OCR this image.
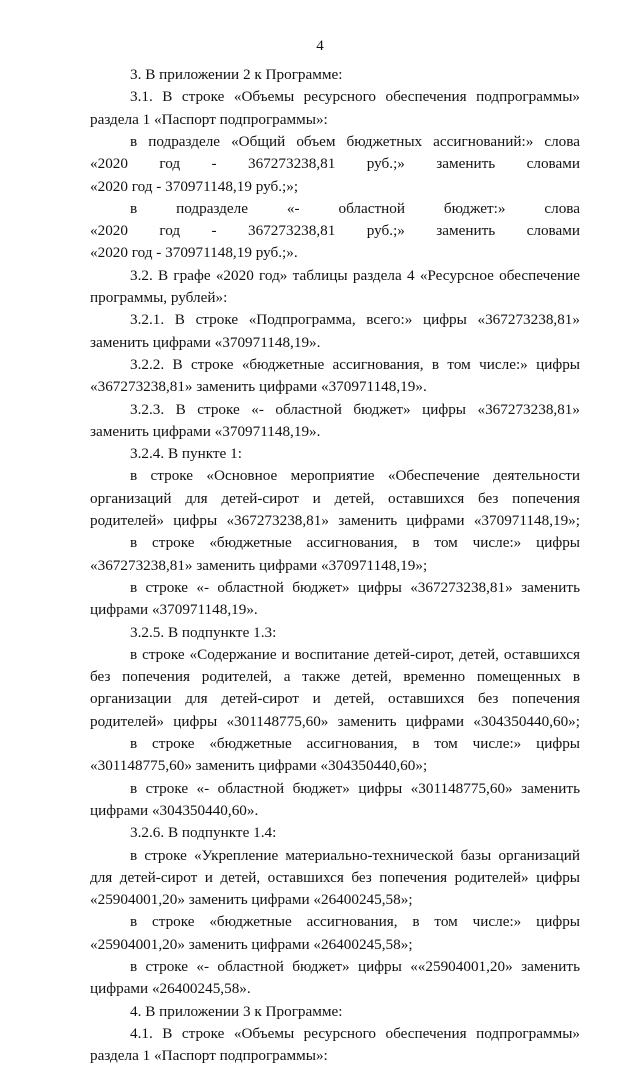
4
3. В приложении 2 к Программе:
3.1. В строке «Объемы ресурсного обеспечения подпрограммы»
раздела 1 «Паспорт подпрограммы»:
в подразделе «Общий объем бюджетных ассигнований:» слова
«2020 год - 367273238,81 руб.;» заменить словами
«2020 год - 370971148,19 руб.;»;
в подразделе «- областной бюджет:» слова
«2020 год - 367273238,81 руб.;» заменить словами
«2020 год - 370971148,19 руб.;».
3.2. В графе «2020 год» таблицы раздела 4 «Ресурсное обеспечение
программы, рублей»:
3.2.1. В строке «Подпрограмма, всего:» цифры «367273238,81»
заменить цифрами «370971148,19».
3.2.2. В строке «бюджетные ассигнования, в том числе:» цифры
«367273238,81» заменить цифрами «370971148,19».
3.2.3. В строке «- областной бюджет» цифры «367273238,81»
заменить цифрами «370971148,19».
3.2.4. В пункте 1:
в строке «Основное мероприятие «Обеспечение деятельности
организаций для детей-сирот и детей, оставшихся без попечения
родителей» цифры «367273238,81» заменить цифрами «370971148,19»;
в строке «бюджетные ассигнования, в том числе:» цифры
«367273238,81» заменить цифрами «370971148,19»;
в строке «- областной бюджет» цифры «367273238,81» заменить
цифрами «370971148,19».
3.2.5. В подпункте 1.3:
в строке «Содержание и воспитание детей-сирот, детей, оставшихся
без попечения родителей, а также детей, временно помещенных в
организации для детей-сирот и детей, оставшихся без попечения
родителей» цифры «301148775,60» заменить цифрами «304350440,60»;
в строке «бюджетные ассигнования, в том числе:» цифры
«301148775,60» заменить цифрами «304350440,60»;
в строке «- областной бюджет» цифры «301148775,60» заменить
цифрами «304350440,60».
3.2.6. В подпункте 1.4:
в строке «Укрепление материально-технической базы организаций
для детей-сирот и детей, оставшихся без попечения родителей» цифры
«25904001,20» заменить цифрами «26400245,58»;
в строке «бюджетные ассигнования, в том числе:» цифры
«25904001,20» заменить цифрами «26400245,58»;
в строке «- областной бюджет» цифры ««25904001,20» заменить
цифрами «26400245,58».
4. В приложении 3 к Программе:
4.1. В строке «Объемы ресурсного обеспечения подпрограммы»
раздела 1 «Паспорт подпрограммы»:
